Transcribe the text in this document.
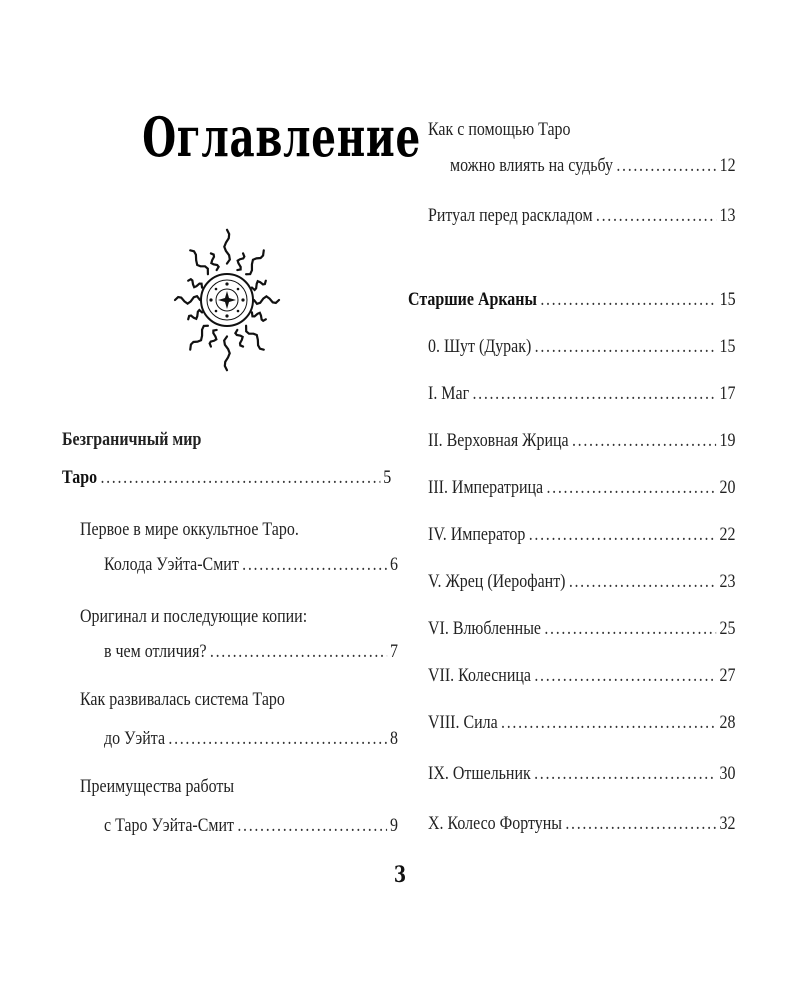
Оглавление
Безграничный мир
Таро .....	5
Первое в мире оккультное Таро.
Колода Уэйта-Смит .....	6
Оригинал и последующие копии:
в чем отличия? .....	7
Как развивалась система Таро
до Уэйта .....	8
Преимущества работы
с Таро Уэйта-Смит .....	9
Как с помощью Таро
можно влиять на судьбу .....	12
Ритуал перед раскладом .....	13
Старшие Арканы .....	15
0. Шут (Дурак) .....	15
I. Маг .....	17
II. Верховная Жрица .....	19
III. Императрица .....	20
IV. Император .....	22
V. Жрец (Иерофант) .....	23
VI. Влюбленные .....	25
VII. Колесница .....	27
VIII. Сила .....	28
IX. Отшельник .....	30
X. Колесо Фортуны .....	32
3
